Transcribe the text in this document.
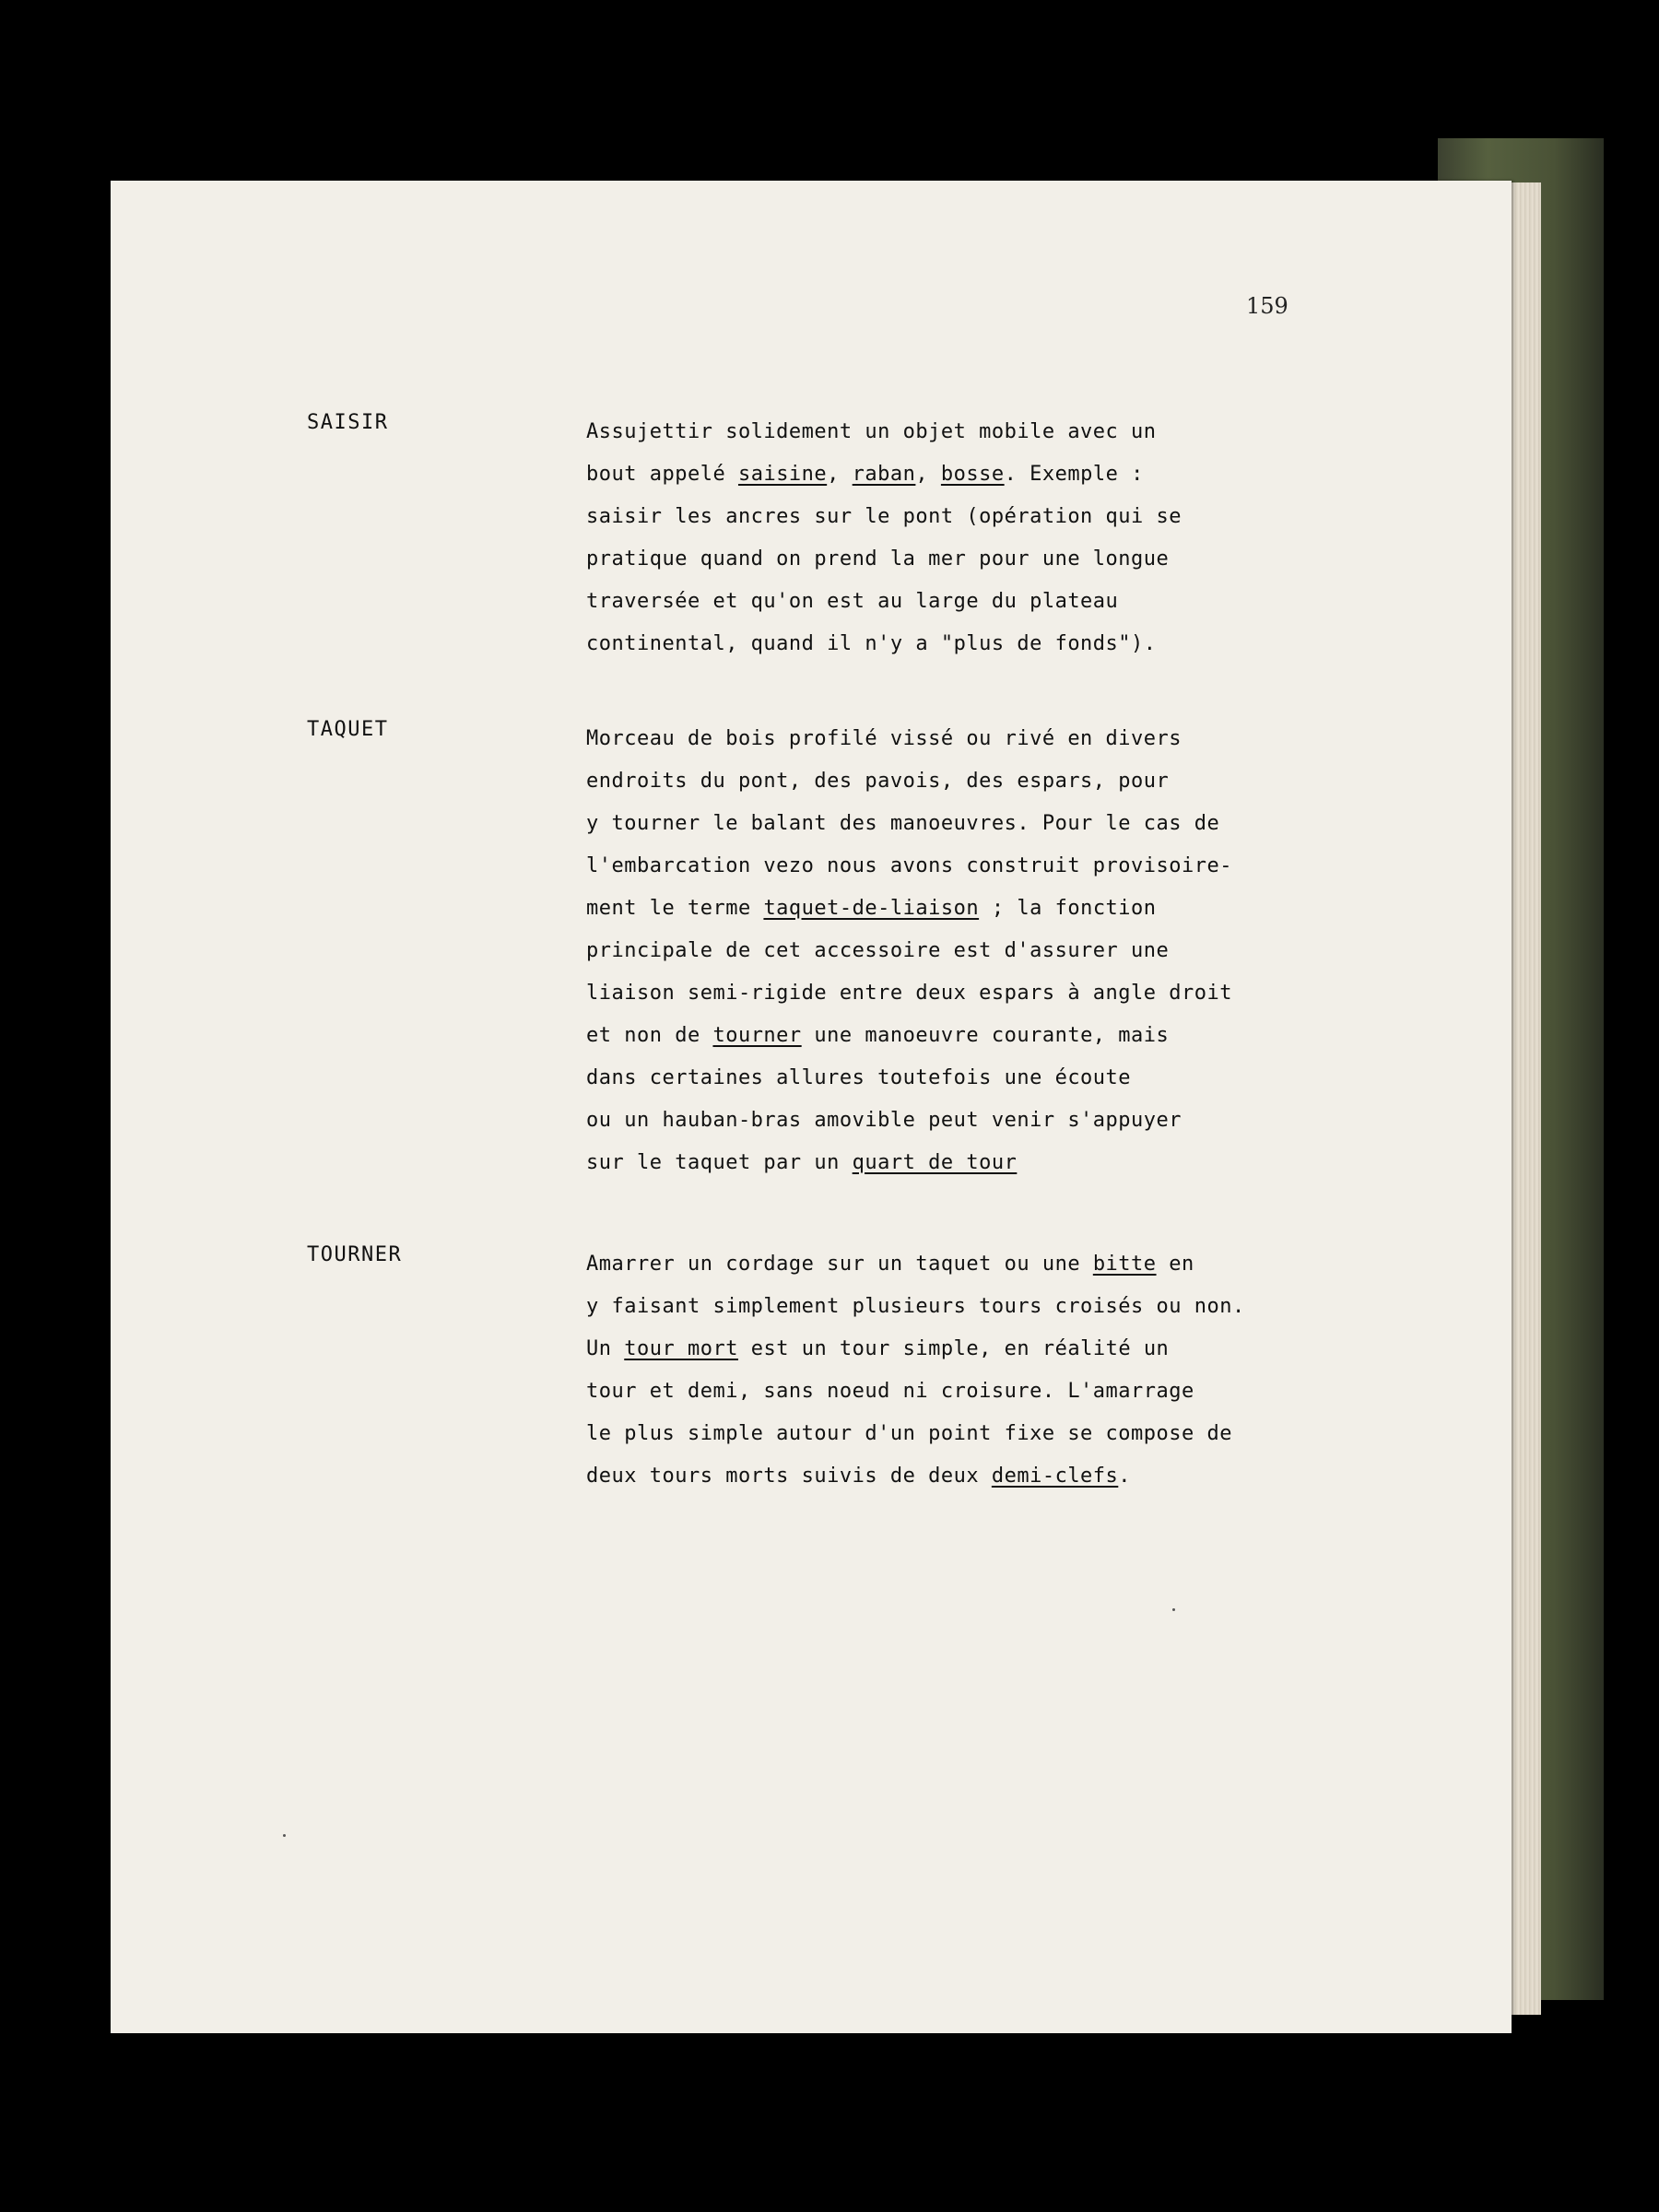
159
SAISIR	Assujettir solidement un objet mobile avec un
bout appelé saisine, raban, bosse. Exemple :
saisir les ancres sur le pont (opération qui se
pratique quand on prend la mer pour une longue
traversée et qu'on est au large du plateau
continental, quand il n'y a "plus de fonds").
TAQUET	Morceau de bois profilé vissé ou rivé en divers
endroits du pont, des pavois, des espars, pour
y tourner le balant des manoeuvres. Pour le cas de
l'embarcation vezo nous avons construit provisoire-
ment le terme taquet-de-liaison ; la fonction
principale de cet accessoire est d'assurer une
liaison semi-rigide entre deux espars à angle droit
et non de tourner une manoeuvre courante, mais
dans certaines allures toutefois une écoute
ou un hauban-bras amovible peut venir s'appuyer
sur le taquet par un quart de tour
TOURNER	Amarrer un cordage sur un taquet ou une bitte en
y faisant simplement plusieurs tours croisés ou non.
Un tour mort est un tour simple, en réalité un
tour et demi, sans noeud ni croisure. L'amarrage
le plus simple autour d'un point fixe se compose de
deux tours morts suivis de deux demi-clefs.
